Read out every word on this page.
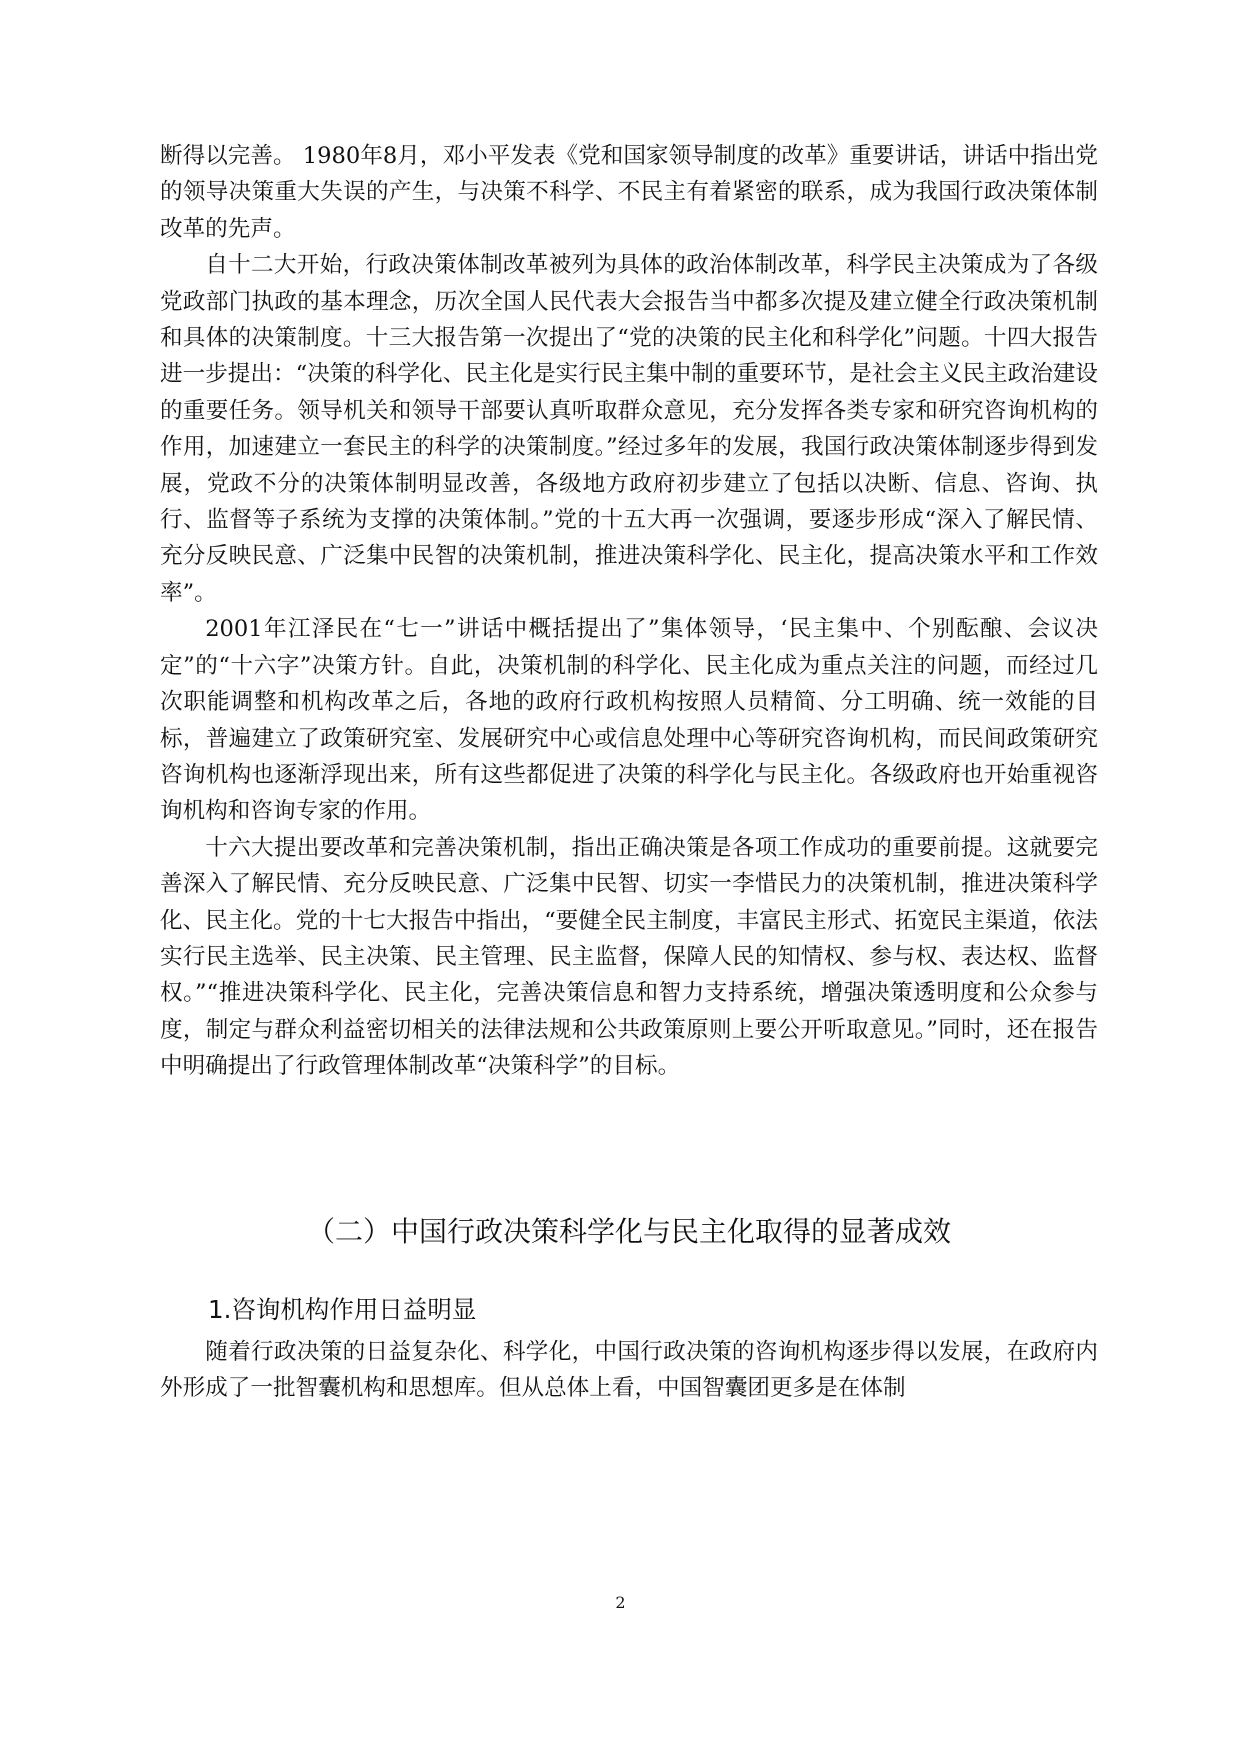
断得以完善。 1980年8月，邓小平发表《党和国家领导制度的改革》重要讲话，讲话中指出党的领导决策重大失误的产生，与决策不科学、不民主有着紧密的联系，成为我国行政决策体制改革的先声。

自十二大开始，行政决策体制改革被列为具体的政治体制改革，科学民主决策成为了各级党政部门执政的基本理念，历次全国人民代表大会报告当中都多次提及建立健全行政决策机制和具体的决策制度。十三大报告第一次提出了“党的决策的民主化和科学化”问题。十四大报告进一步提出：“决策的科学化、民主化是实行民主集中制的重要环节，是社会主义民主政治建设的重要任务。领导机关和领导干部要认真听取群众意见，充分发挥各类专家和研究咨询机构的作用，加速建立一套民主的科学的决策制度。”经过多年的发展，我国行政决策体制逐步得到发展，党政不分的决策体制明显改善，各级地方政府初步建立了包括以决断、信息、咨询、执行、监督等子系统为支撑的决策体制。”党的十五大再一次强调，要逐步形成“深入了解民情、充分反映民意、广泛集中民智的决策机制，推进决策科学化、民主化，提高决策水平和工作效率”。

2001年江泽民在“七一”讲话中概括提出了”集体领导，‘民主集中、个别酝酿、会议决定”的“十六字”决策方针。自此，决策机制的科学化、民主化成为重点关注的问题，而经过几次职能调整和机构改革之后，各地的政府行政机构按照人员精简、分工明确、统一效能的目标，普遍建立了政策研究室、发展研究中心或信息处理中心等研究咨询机构，而民间政策研究咨询机构也逐渐浮现出来，所有这些都促进了决策的科学化与民主化。各级政府也开始重视咨询机构和咨询专家的作用。

十六大提出要改革和完善决策机制，指出正确决策是各项工作成功的重要前提。这就要完善深入了解民情、充分反映民意、广泛集中民智、切实一李惜民力的决策机制，推进决策科学化、民主化。党的十七大报告中指出，“要健全民主制度，丰富民主形式、拓宽民主渠道，依法实行民主选举、民主决策、民主管理、民主监督，保障人民的知情权、参与权、表达权、监督权。”“推进决策科学化、民主化，完善决策信息和智力支持系统，增强决策透明度和公众参与度，制定与群众利益密切相关的法律法规和公共政策原则上要公开听取意见。”同时，还在报告中明确提出了行政管理体制改革“决策科学”的目标。

（二）中国行政决策科学化与民主化取得的显著成效
1.咨询机构作用日益明显

随着行政决策的日益复杂化、科学化，中国行政决策的咨询机构逐步得以发展，在政府内外形成了一批智囊机构和思想库。但从总体上看，中国智囊团更多是在体制

2
